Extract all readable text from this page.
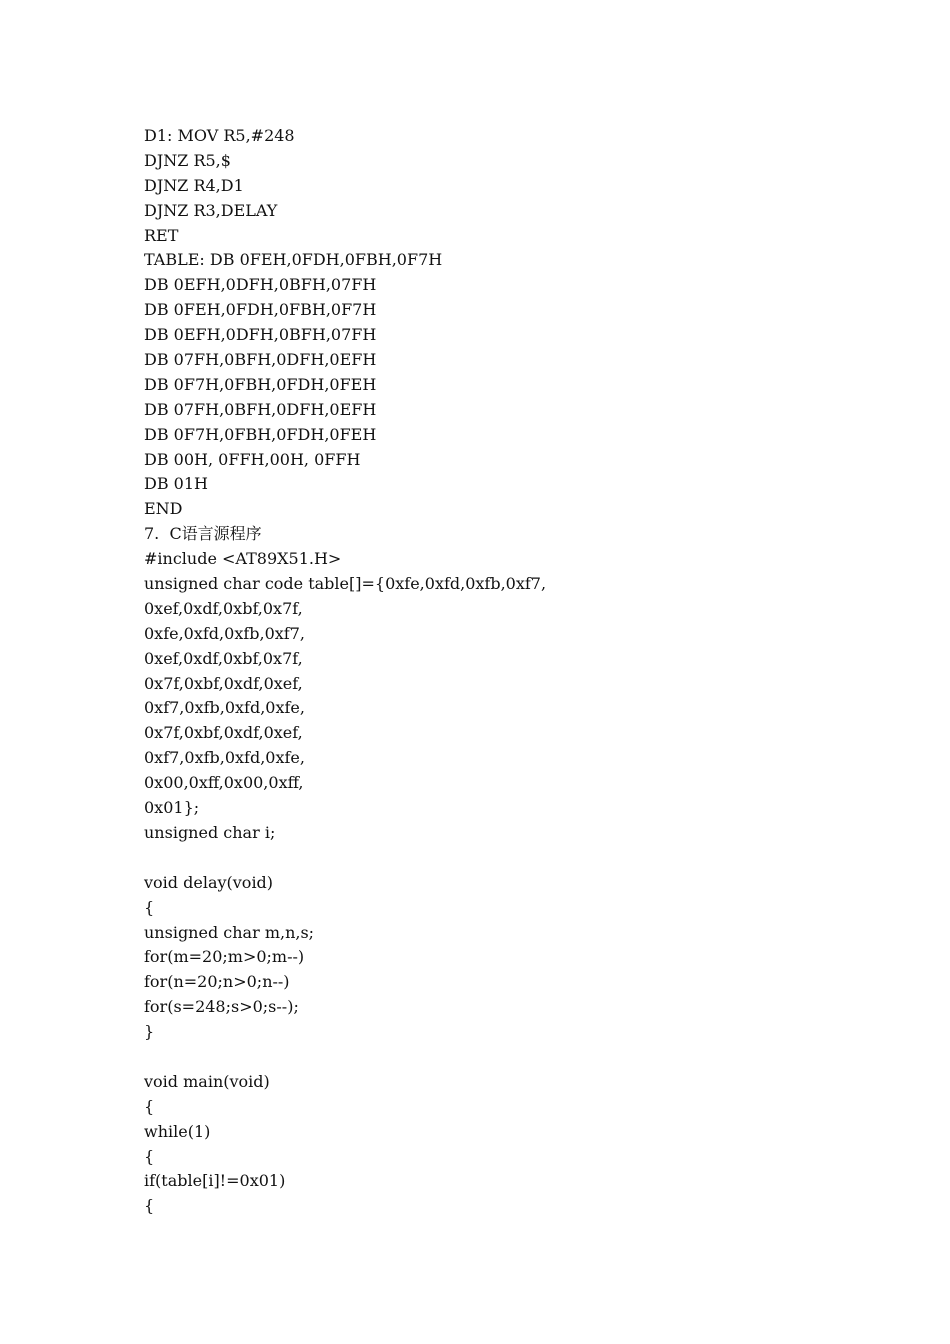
D1: MOV R5,#248
DJNZ R5,$
DJNZ R4,D1
DJNZ R3,DELAY
RET
TABLE: DB 0FEH,0FDH,0FBH,0F7H
DB 0EFH,0DFH,0BFH,07FH
DB 0FEH,0FDH,0FBH,0F7H
DB 0EFH,0DFH,0BFH,07FH
DB 07FH,0BFH,0DFH,0EFH
DB 0F7H,0FBH,0FDH,0FEH
DB 07FH,0BFH,0DFH,0EFH
DB 0F7H,0FBH,0FDH,0FEH
DB 00H, 0FFH,00H, 0FFH
DB 01H
END
7.  C语言源程序
#include <AT89X51.H>
unsigned char code table[]={0xfe,0xfd,0xfb,0xf7,
0xef,0xdf,0xbf,0x7f,
0xfe,0xfd,0xfb,0xf7,
0xef,0xdf,0xbf,0x7f,
0x7f,0xbf,0xdf,0xef,
0xf7,0xfb,0xfd,0xfe,
0x7f,0xbf,0xdf,0xef,
0xf7,0xfb,0xfd,0xfe,
0x00,0xff,0x00,0xff,
0x01};
unsigned char i;

void delay(void)
{
unsigned char m,n,s;
for(m=20;m>0;m--)
for(n=20;n>0;n--)
for(s=248;s>0;s--);
}

void main(void)
{
while(1)
{
if(table[i]!=0x01)
{
